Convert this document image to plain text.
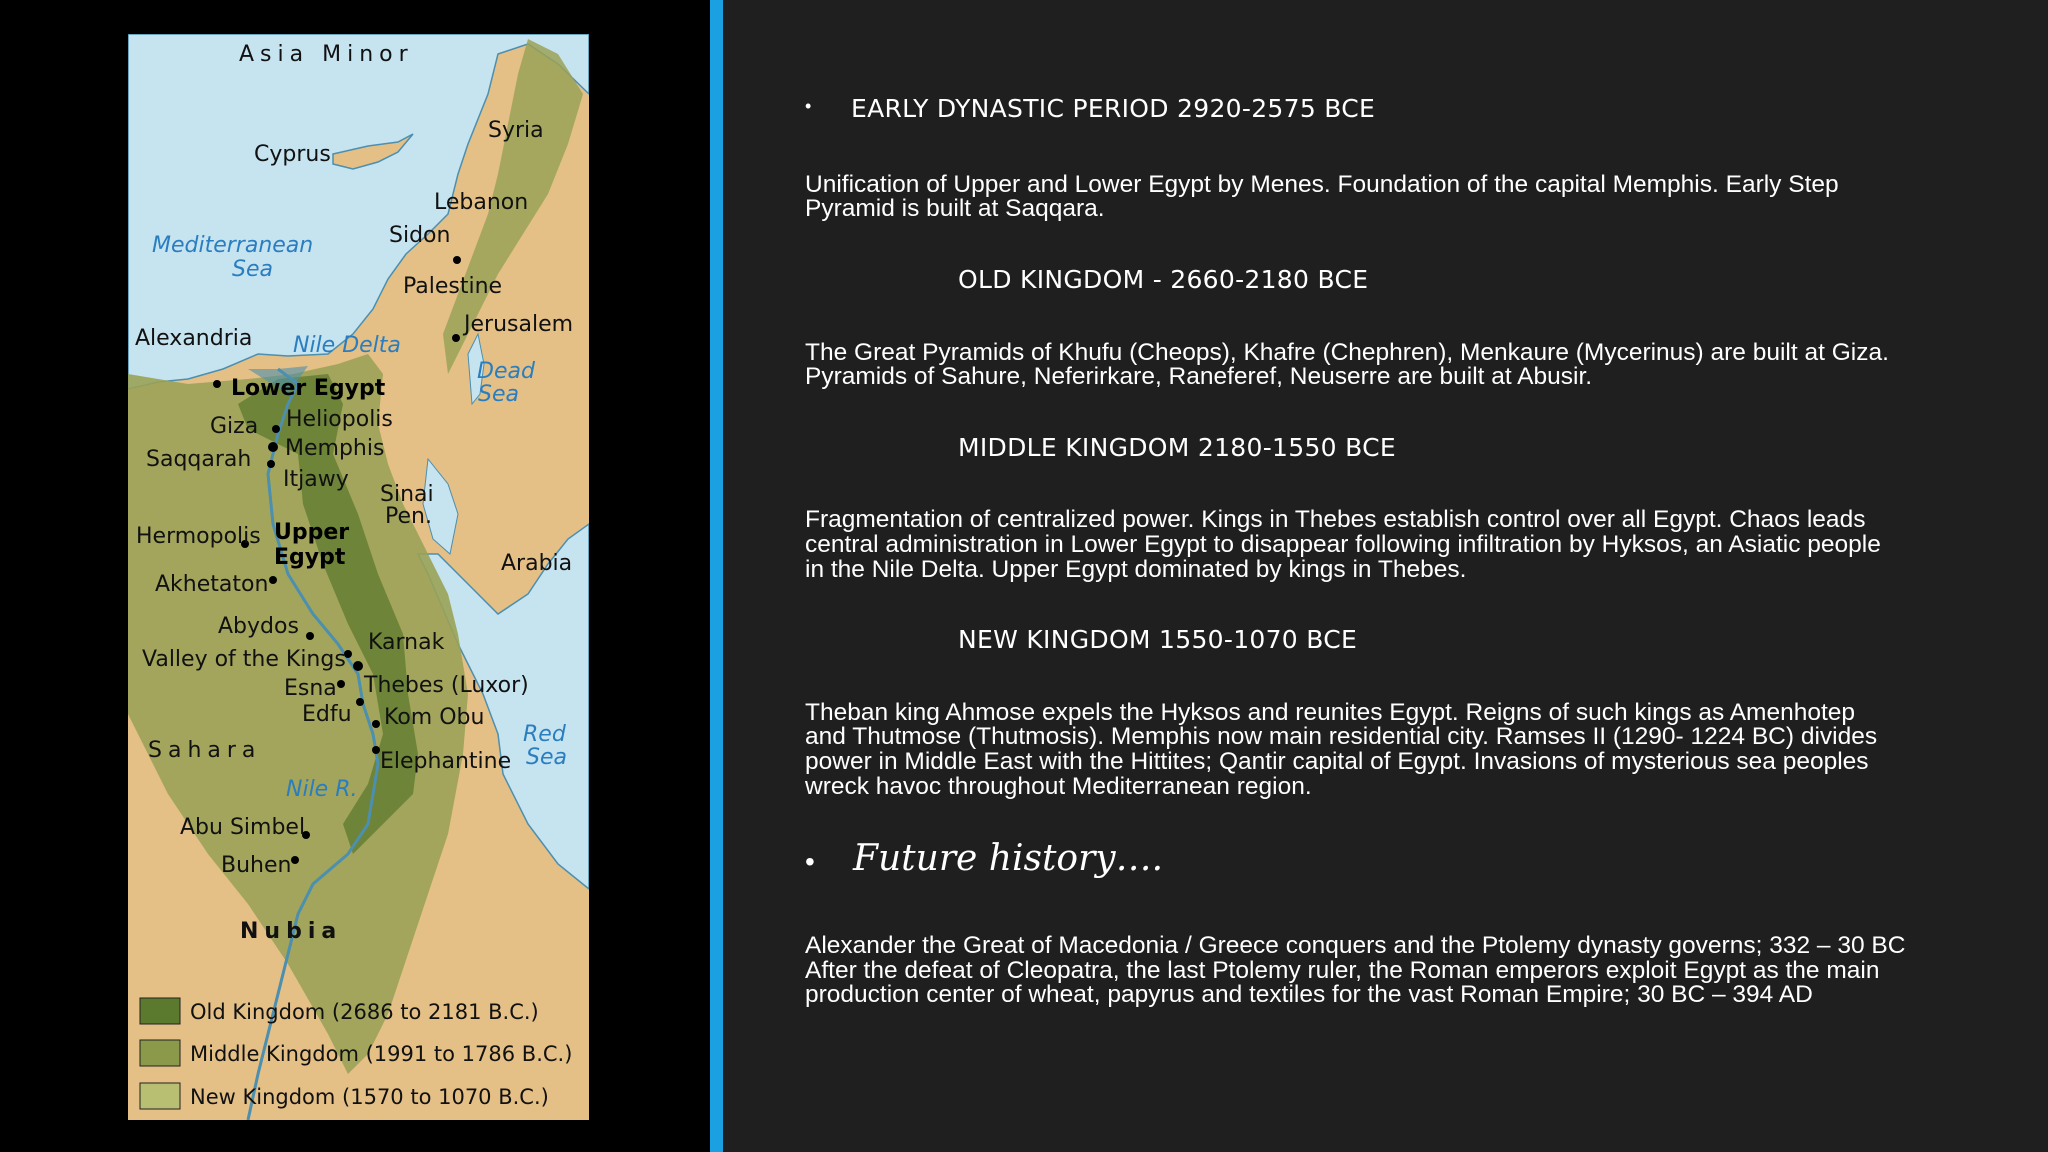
Asia Minor
Cyprus
Syria
Lebanon
Sidon
Mediterranean
Sea
Palestine
Jerusalem
Alexandria Nile Delta
Dead
Sea
Lower Egypt
Giza Heliopolis
Saqqarah Memphis
Itjawy
Sinai
Pen.
Hermopolis Upper
Egypt	Arabia
Akhetaton
Abydos
Karnak
Valley of the Kings
Esna Thebes (Luxor)
Edfu Kom Obu
Red
Sea
Sahara	Elephantine
Nile R.
Abu Simbel
Buhen
Nubia
Old Kingdom (2686 to 2181 B.C.)
Middle Kingdom (1991 to 1786 B.C.)
New Kingdom (1570 to 1070 B.C.)
• EARLY DYNASTIC PERIOD 2920-2575 BCE
Unification of Upper and Lower Egypt by Menes. Foundation of the capital Memphis. Early Step
Pyramid is built at Saqqara.
OLD KINGDOM - 2660-2180 BCE
The Great Pyramids of Khufu (Cheops), Khafre (Chephren), Menkaure (Mycerinus) are built at Giza.
Pyramids of Sahure, Neferirkare, Raneferef, Neuserre are built at Abusir.
MIDDLE KINGDOM 2180-1550 BCE
Fragmentation of centralized power. Kings in Thebes establish control over all Egypt. Chaos leads
central administration in Lower Egypt to disappear following infiltration by Hyksos, an Asiatic people
in the Nile Delta. Upper Egypt dominated by kings in Thebes.
NEW KINGDOM 1550-1070 BCE
Theban king Ahmose expels the Hyksos and reunites Egypt. Reigns of such kings as Amenhotep
and Thutmose (Thutmosis). Memphis now main residential city. Ramses II (1290- 1224 BC) divides
power in Middle East with the Hittites; Qantir capital of Egypt. Invasions of mysterious sea peoples
wreck havoc throughout Mediterranean region.
• Future history….
Alexander the Great of Macedonia / Greece conquers and the Ptolemy dynasty governs; 332 – 30 BC
After the defeat of Cleopatra, the last Ptolemy ruler, the Roman emperors exploit Egypt as the main
production center of wheat, papyrus and textiles for the vast Roman Empire; 30 BC – 394 AD
